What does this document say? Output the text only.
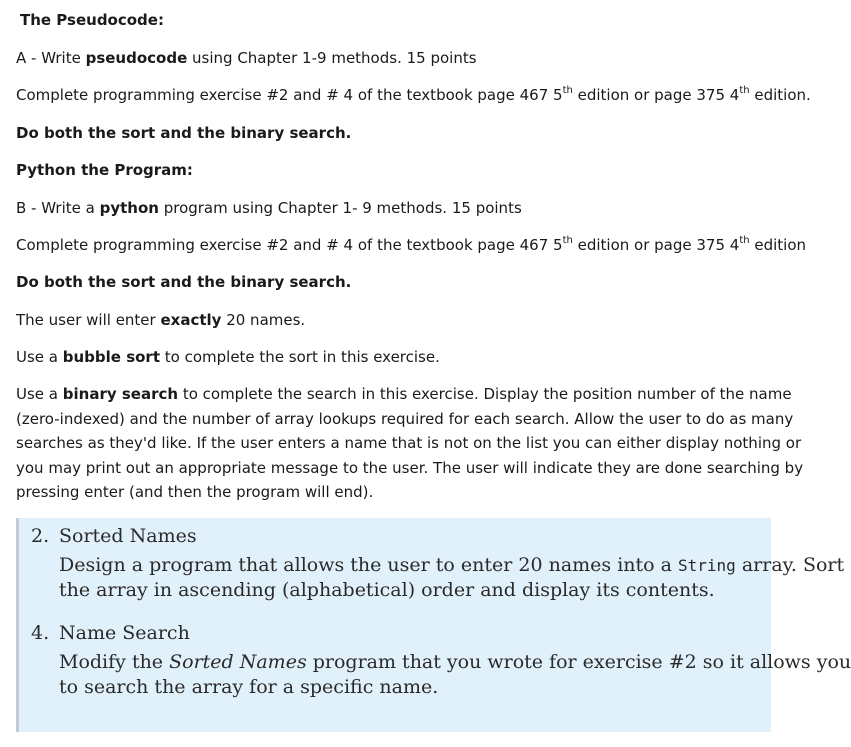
The Pseudocode:
A - Write pseudocode using Chapter 1-9 methods. 15 points
Complete programming exercise #2 and # 4 of the textbook page 467 5th edition or page 375 4th edition.
Do both the sort and the binary search.
Python the Program:
B - Write a python program using Chapter 1- 9 methods. 15 points
Complete programming exercise #2 and # 4 of the textbook page 467 5th edition or page 375 4th edition
Do both the sort and the binary search.
The user will enter exactly 20 names.
Use a bubble sort to complete the sort in this exercise.
Use a binary search to complete the search in this exercise. Display the position number of the name
(zero-indexed) and the number of array lookups required for each search. Allow the user to do as many
searches as they'd like. If the user enters a name that is not on the list you can either display nothing or
you may print out an appropriate message to the user. The user will indicate they are done searching by
pressing enter (and then the program will end).
2. Sorted Names
Design a program that allows the user to enter 20 names into a String array. Sort
the array in ascending (alphabetical) order and display its contents.
4. Name Search
Modify the Sorted Names program that you wrote for exercise #2 so it allows you
to search the array for a specific name.
